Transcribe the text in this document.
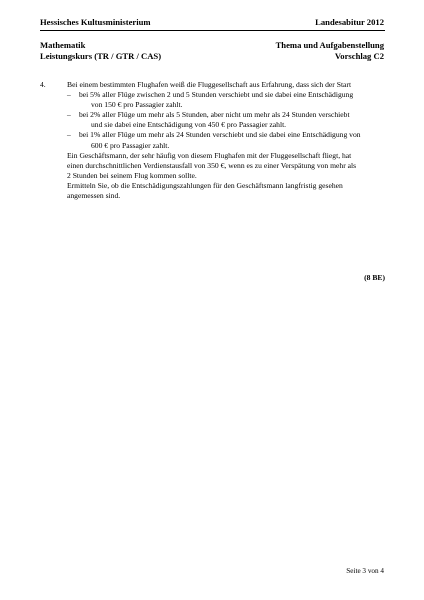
Hessisches Kultusministerium	Landesabitur 2012
Mathematik	Thema und Aufgabenstellung
Leistungskurs (TR / GTR / CAS)	Vorschlag C2
4.	Bei einem bestimmten Flughafen weiß die Fluggesellschaft aus Erfahrung, dass sich der Start
– bei 5% aller Flüge zwischen 2 und 5 Stunden verschiebt und sie dabei eine Entschädigung
von 150 € pro Passagier zahlt.
– bei 2% aller Flüge um mehr als 5 Stunden, aber nicht um mehr als 24 Stunden verschiebt
und sie dabei eine Entschädigung von 450 € pro Passagier zahlt.
– bei 1% aller Flüge um mehr als 24 Stunden verschiebt und sie dabei eine Entschädigung von
600 € pro Passagier zahlt.
Ein Geschäftsmann, der sehr häufig von diesem Flughafen mit der Fluggesellschaft fliegt, hat
einen durchschnittlichen Verdienstausfall von 350 €, wenn es zu einer Verspätung von mehr als
2 Stunden bei seinem Flug kommen sollte.
Ermitteln Sie, ob die Entschädigungszahlungen für den Geschäftsmann langfristig gesehen
angemessen sind.
(8 BE)
Seite 3 von 4
